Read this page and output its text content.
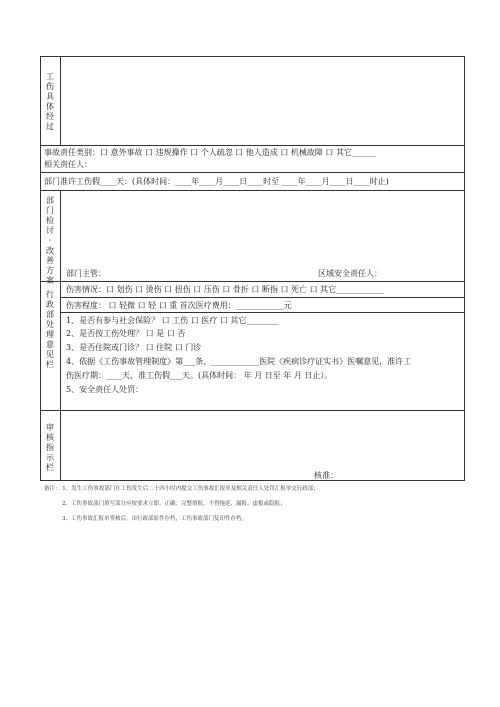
工伤具体经过
事故责任类别：口 意外事故 口 违规操作 口 个人疏忽 口 他人造成 口 机械故障 口 其它______
相关责任人：
部门准许工伤假____天：(具体时间：____年____月____日____时至 ____年____月____日____时止)
部门检讨·改善方案
部门主管：	区域安全责任人：
行政部处理意见栏
伤害情况：口 划伤 口 烫伤 口 扭伤 口 压伤 口 骨折 口 断指 口 死亡 口 其它____________
伤害程度： 口 轻微 口 轻 口 重 首次医疗费用：____________元
1、是否有参与社会保险？ 口 工伤 口 医疗 口 其它________
2、是否按工伤处理？ 口 是 口 否
3、是否住院或门诊？ 口 住院 口 门诊
4、依据《工伤事故管理制度》第___条、____________医院《疾病诊疗证实书》医嘱意见，准许工
伤医疗期：____天，准工伤假___天。(具体时间： 年 月 日至 年 月 日止）。
5、安全责任人处罚：
审核指示栏
核准：
备注： 1、发生工伤事故部门在工伤发生后二十四小时内提交工伤事故汇报单及相关责任人处罚汇报单交行政部；
2、工伤事故部门填写部分应按要求立即、正确、完整填报，不得拖延、漏报、虚报或隐报；
3、工伤事故汇报单签核后，由行政部原件存档，工伤事故部门复印件存档。
